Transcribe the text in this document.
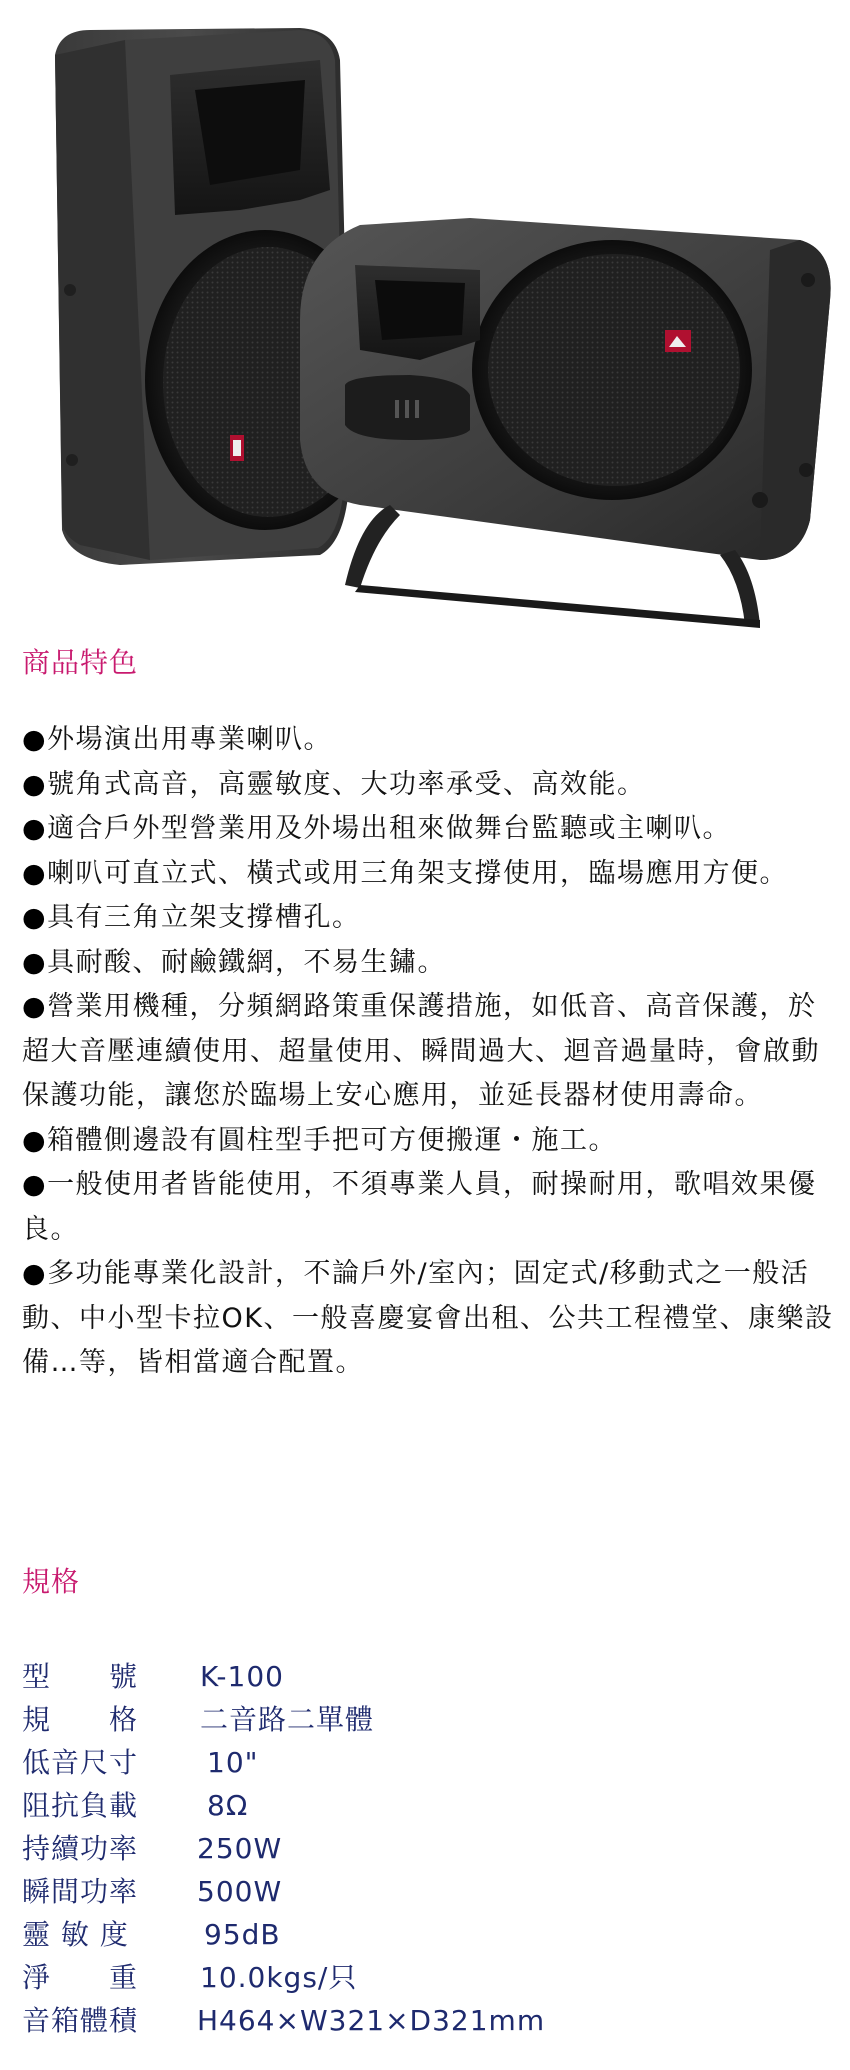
商品特色
●外場演出用專業喇叭。
●號角式高音，高靈敏度、大功率承受、高效能。
●適合戶外型營業用及外場出租來做舞台監聽或主喇叭。
●喇叭可直立式、橫式或用三角架支撐使用，臨場應用方便。
●具有三角立架支撐槽孔。
●具耐酸、耐鹼鐵網，不易生鏽。
●營業用機種，分頻網路策重保護措施，如低音、高音保護，於超大音壓連續使用、超量使用、瞬間過大、迴音過量時，會啟動保護功能，讓您於臨場上安心應用，並延長器材使用壽命。
●箱體側邊設有圓柱型手把可方便搬運・施工。
●一般使用者皆能使用，不須專業人員，耐操耐用，歌唱效果優良。
●多功能專業化設計，不論戶外/室內；固定式/移動式之一般活動、中小型卡拉OK、一般喜慶宴會出租、公共工程禮堂、康樂設備…等，皆相當適合配置。
規格
型　　號 K-100
規　　格 二音路二單體
低音尺寸 10"
阻抗負載 8Ω
持續功率 250W
瞬間功率 500W
靈 敏 度	95dB
淨　　重 10.0kgs/只
音箱體積 H464×W321×D321mm
